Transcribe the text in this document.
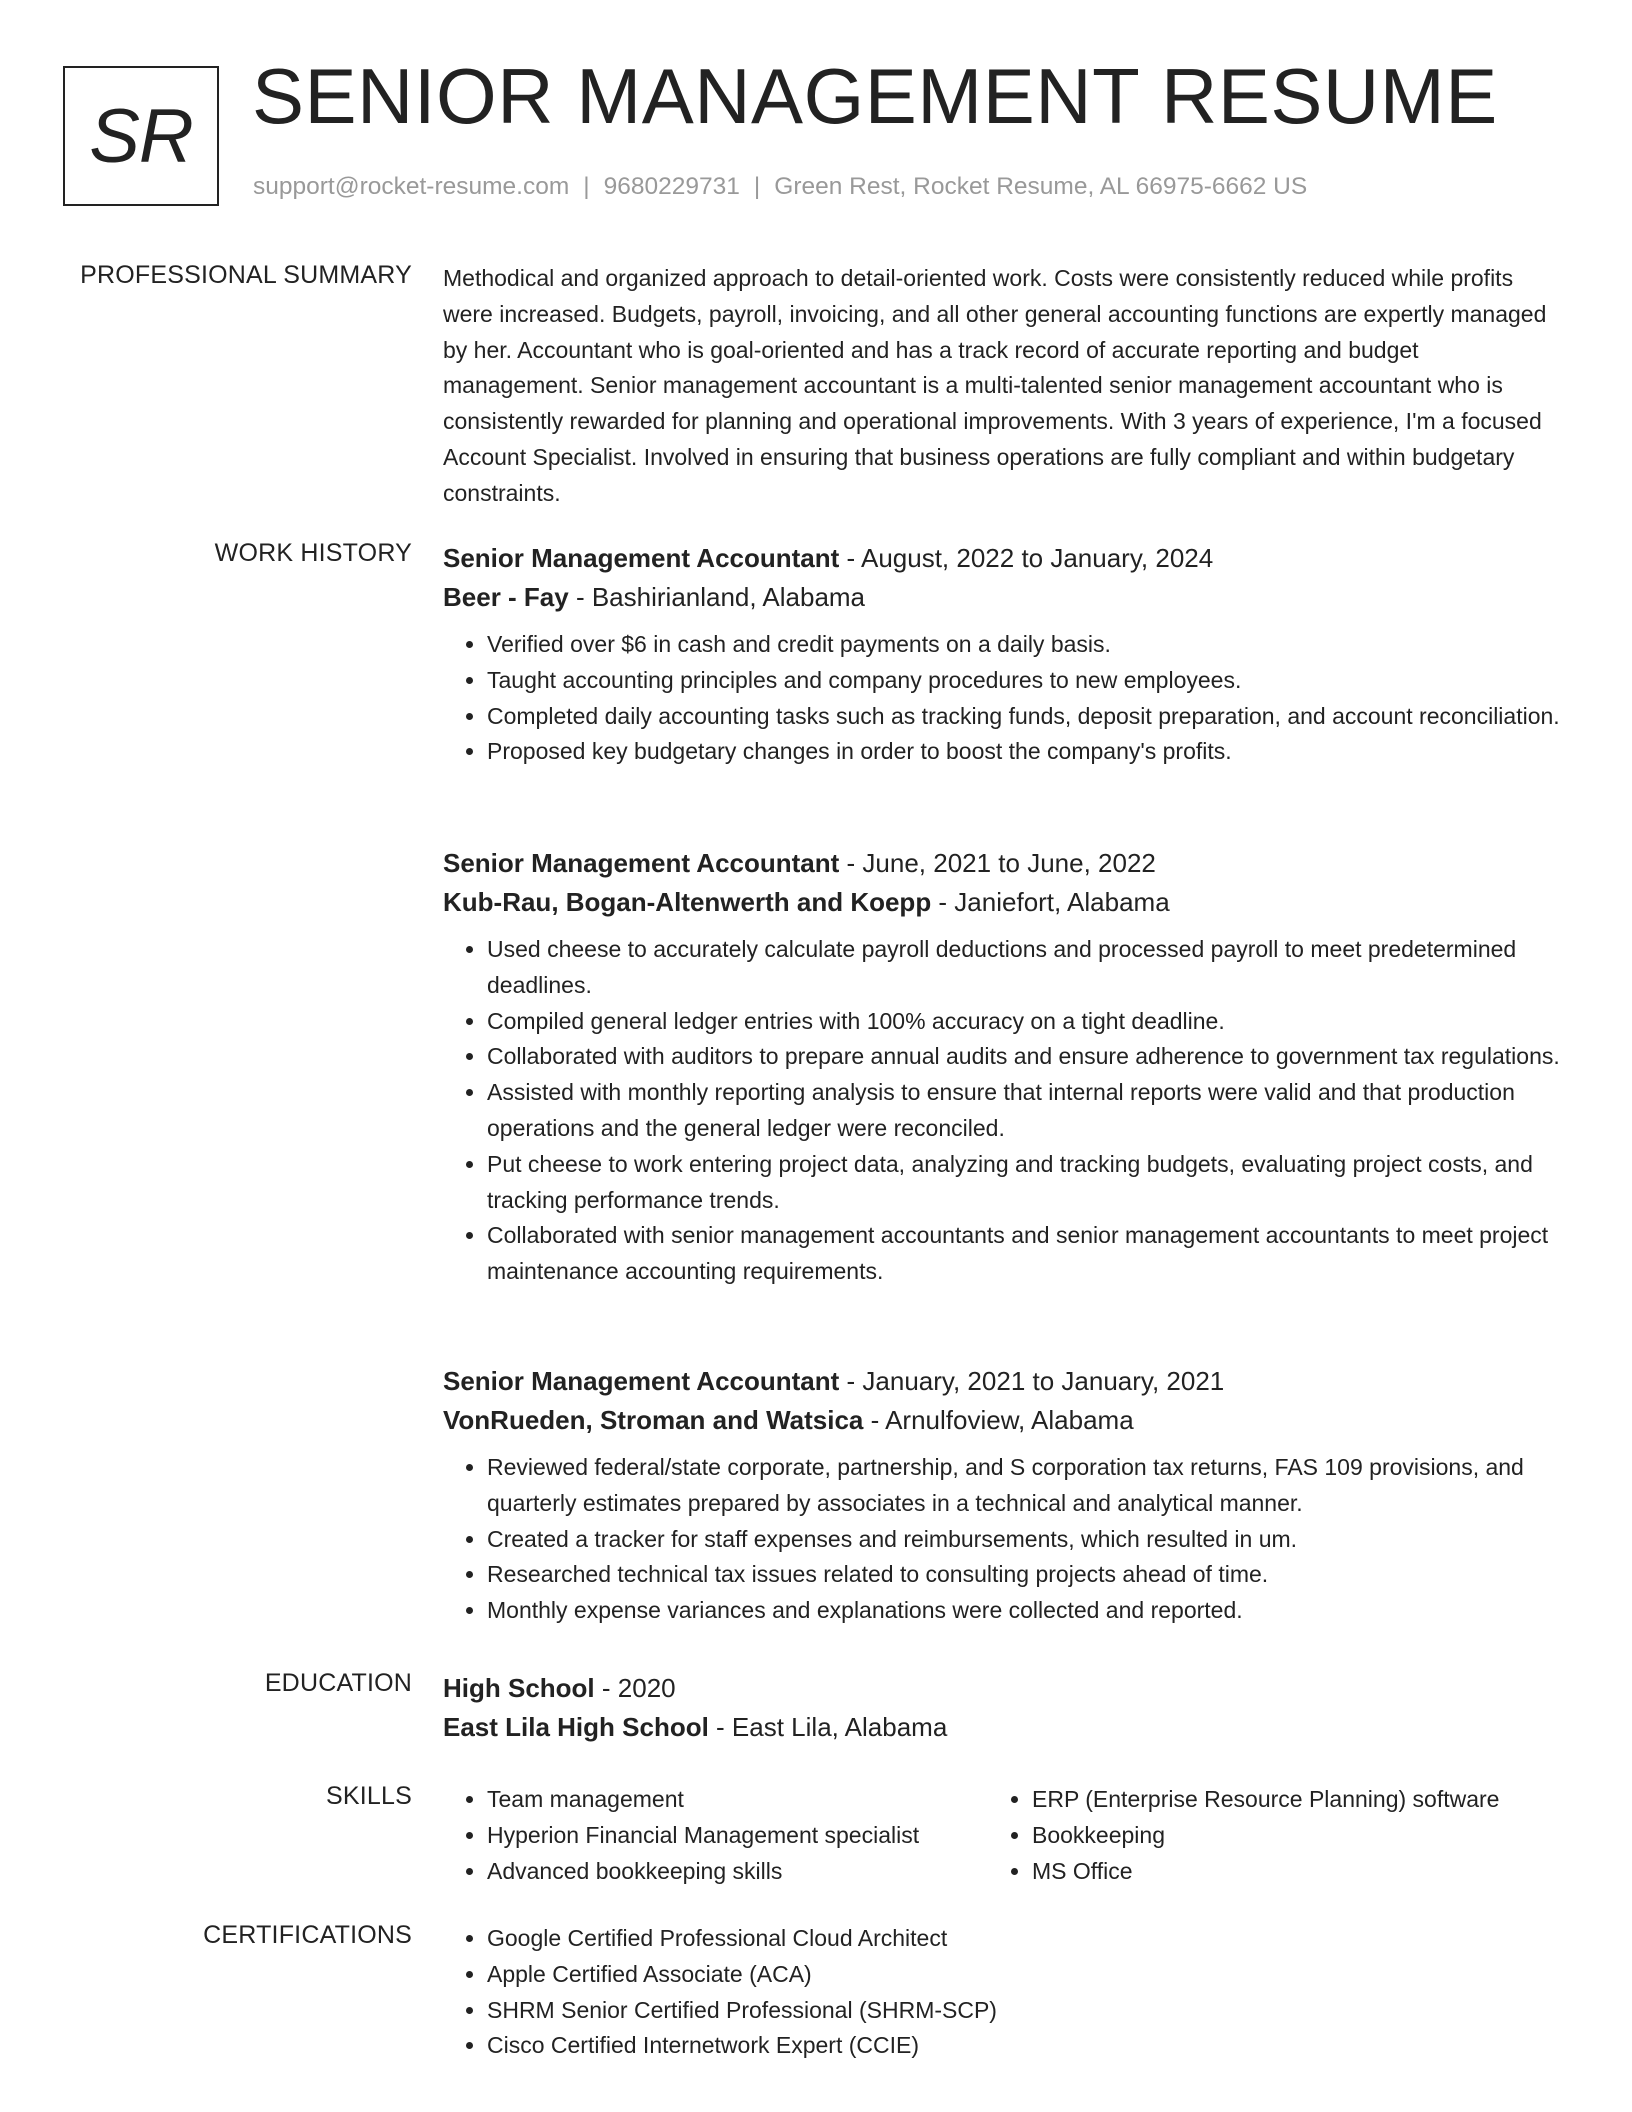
SR SENIOR MANAGEMENT RESUME
support@rocket-resume.com | 9680229731 | Green Rest, Rocket Resume, AL 66975-6662 US
PROFESSIONAL SUMMARY Methodical and organized approach to detail-oriented work. Costs were consistently reduced while profits were increased. Budgets, payroll, invoicing, and all other general accounting functions are expertly managed by her. Accountant who is goal-oriented and has a track record of accurate reporting and budget management. Senior management accountant is a multi-talented senior management accountant who is consistently rewarded for planning and operational improvements. With 3 years of experience, I'm a focused Account Specialist. Involved in ensuring that business operations are fully compliant and within budgetary constraints.

WORK HISTORY Senior Management Accountant - August, 2022 to January, 2024
Beer - Fay - Bashirianland, Alabama
• Verified over $6 in cash and credit payments on a daily basis.
• Taught accounting principles and company procedures to new employees.
• Completed daily accounting tasks such as tracking funds, deposit preparation, and account reconciliation.
• Proposed key budgetary changes in order to boost the company's profits.
Senior Management Accountant - June, 2021 to June, 2022
Kub-Rau, Bogan-Altenwerth and Koepp - Janiefort, Alabama
• Used cheese to accurately calculate payroll deductions and processed payroll to meet predetermined deadlines.
• Compiled general ledger entries with 100% accuracy on a tight deadline.
• Collaborated with auditors to prepare annual audits and ensure adherence to government tax regulations.
• Assisted with monthly reporting analysis to ensure that internal reports were valid and that production operations and the general ledger were reconciled.
• Put cheese to work entering project data, analyzing and tracking budgets, evaluating project costs, and tracking performance trends.
• Collaborated with senior management accountants and senior management accountants to meet project maintenance accounting requirements.
Senior Management Accountant - January, 2021 to January, 2021
VonRueden, Stroman and Watsica - Arnulfoview, Alabama
• Reviewed federal/state corporate, partnership, and S corporation tax returns, FAS 109 provisions, and quarterly estimates prepared by associates in a technical and analytical manner.
• Created a tracker for staff expenses and reimbursements, which resulted in um.
• Researched technical tax issues related to consulting projects ahead of time.
• Monthly expense variances and explanations were collected and reported.
EDUCATION High School - 2020
East Lila High School - East Lila, Alabama
SKILLS	• Team management
• Hyperion Financial Management specialist
• Advanced bookkeeping skills
• ERP (Enterprise Resource Planning) software
• Bookkeeping
• MS Office
CERTIFICATIONS	• Google Certified Professional Cloud Architect
• Apple Certified Associate (ACA)
• SHRM Senior Certified Professional (SHRM-SCP)
• Cisco Certified Internetwork Expert (CCIE)
